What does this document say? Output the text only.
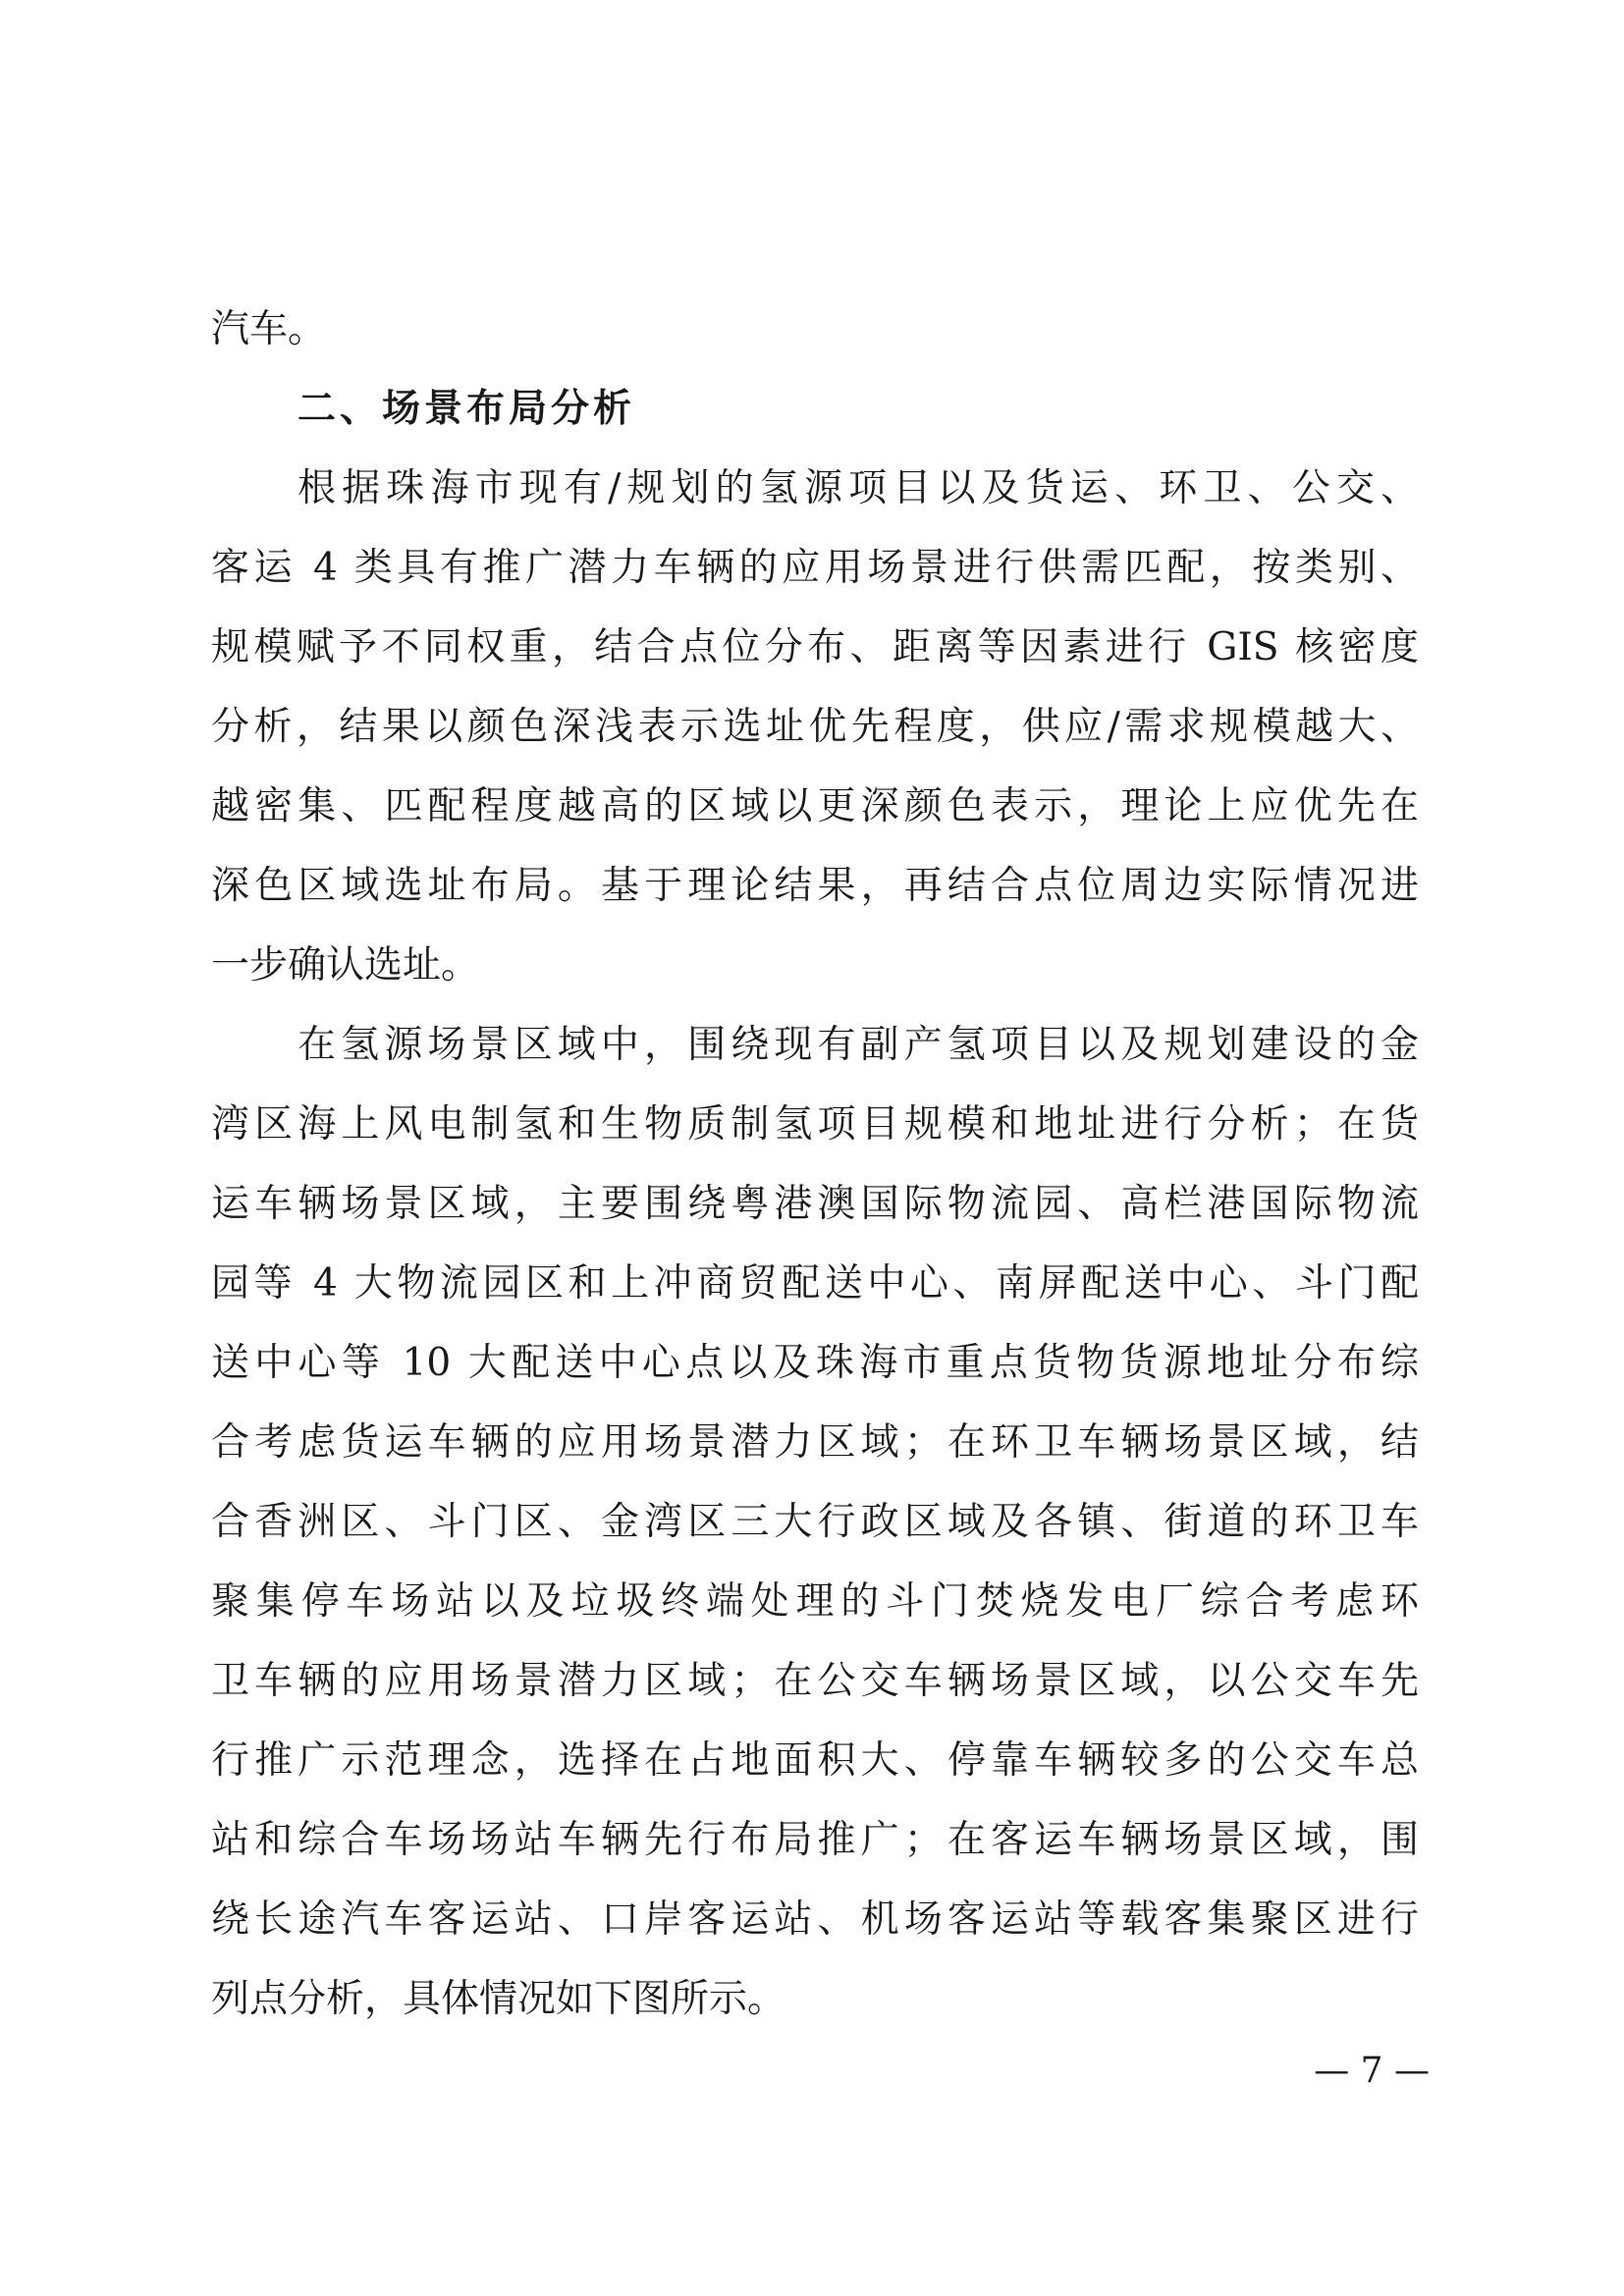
汽车。
二、场景布局分析
根据珠海市现有/规划的氢源项目以及货运、环卫、公交、
客运 4 类具有推广潜力车辆的应用场景进行供需匹配，按类别、
规模赋予不同权重，结合点位分布、距离等因素进行 GIS 核密度
分析，结果以颜色深浅表示选址优先程度，供应/需求规模越大、
越密集、匹配程度越高的区域以更深颜色表示，理论上应优先在
深色区域选址布局。基于理论结果，再结合点位周边实际情况进
一步确认选址。
在氢源场景区域中，围绕现有副产氢项目以及规划建设的金
湾区海上风电制氢和生物质制氢项目规模和地址进行分析；在货
运车辆场景区域，主要围绕粤港澳国际物流园、高栏港国际物流
园等 4 大物流园区和上冲商贸配送中心、南屏配送中心、斗门配
送中心等 10 大配送中心点以及珠海市重点货物货源地址分布综
合考虑货运车辆的应用场景潜力区域；在环卫车辆场景区域，结
合香洲区、斗门区、金湾区三大行政区域及各镇、街道的环卫车
聚集停车场站以及垃圾终端处理的斗门焚烧发电厂综合考虑环
卫车辆的应用场景潜力区域；在公交车辆场景区域，以公交车先
行推广示范理念，选择在占地面积大、停靠车辆较多的公交车总
站和综合车场场站车辆先行布局推广；在客运车辆场景区域，围
绕长途汽车客运站、口岸客运站、机场客运站等载客集聚区进行
列点分析，具体情况如下图所示。
— 7 —
